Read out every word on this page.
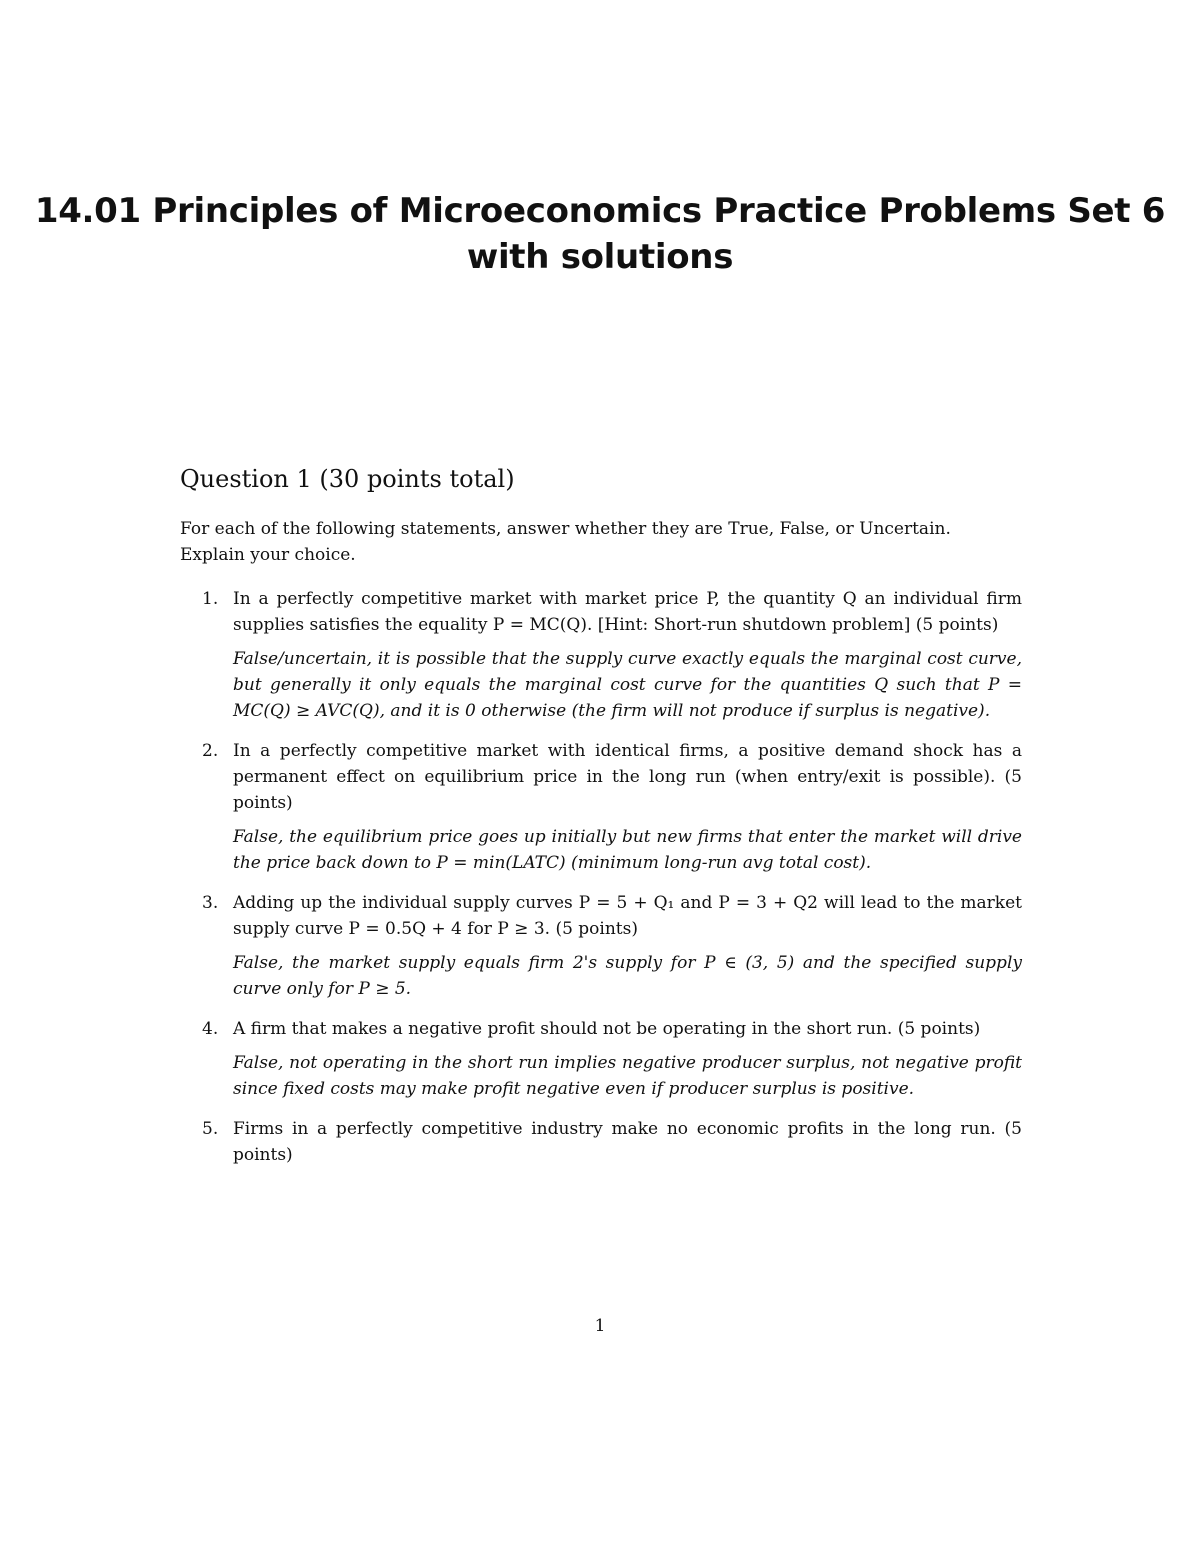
14.01 Principles of Microeconomics Practice Problems Set 6
with solutions
Question 1 (30 points total)
For each of the following statements, answer whether they are True, False, or Uncertain.
Explain your choice.
1. In a perfectly competitive market with market price P, the quantity Q an individual firm supplies satisfies the equality P = MC(Q). [Hint: Short-run shutdown problem] (5 points)

False/uncertain, it is possible that the supply curve exactly equals the marginal cost curve, but generally it only equals the marginal cost curve for the quantities Q such that P = MC(Q) ≥ AVC(Q), and it is 0 otherwise (the firm will not produce if surplus is negative).

2. In a perfectly competitive market with identical firms, a positive demand shock has a permanent effect on equilibrium price in the long run (when entry/exit is possible). (5 points)

False, the equilibrium price goes up initially but new firms that enter the market will drive the price back down to P = min(LATC) (minimum long-run avg total cost).

3. Adding up the individual supply curves P = 5 + Q₁ and P = 3 + Q2 will lead to the market supply curve P = 0.5Q + 4 for P ≥ 3. (5 points)

False, the market supply equals firm 2's supply for P ∈ (3, 5) and the specified supply curve only for P ≥ 5.

4. A firm that makes a negative profit should not be operating in the short run. (5 points)

False, not operating in the short run implies negative producer surplus, not negative profit since fixed costs may make profit negative even if producer surplus is positive.

5. Firms in a perfectly competitive industry make no economic profits in the long run. (5 points)

1
